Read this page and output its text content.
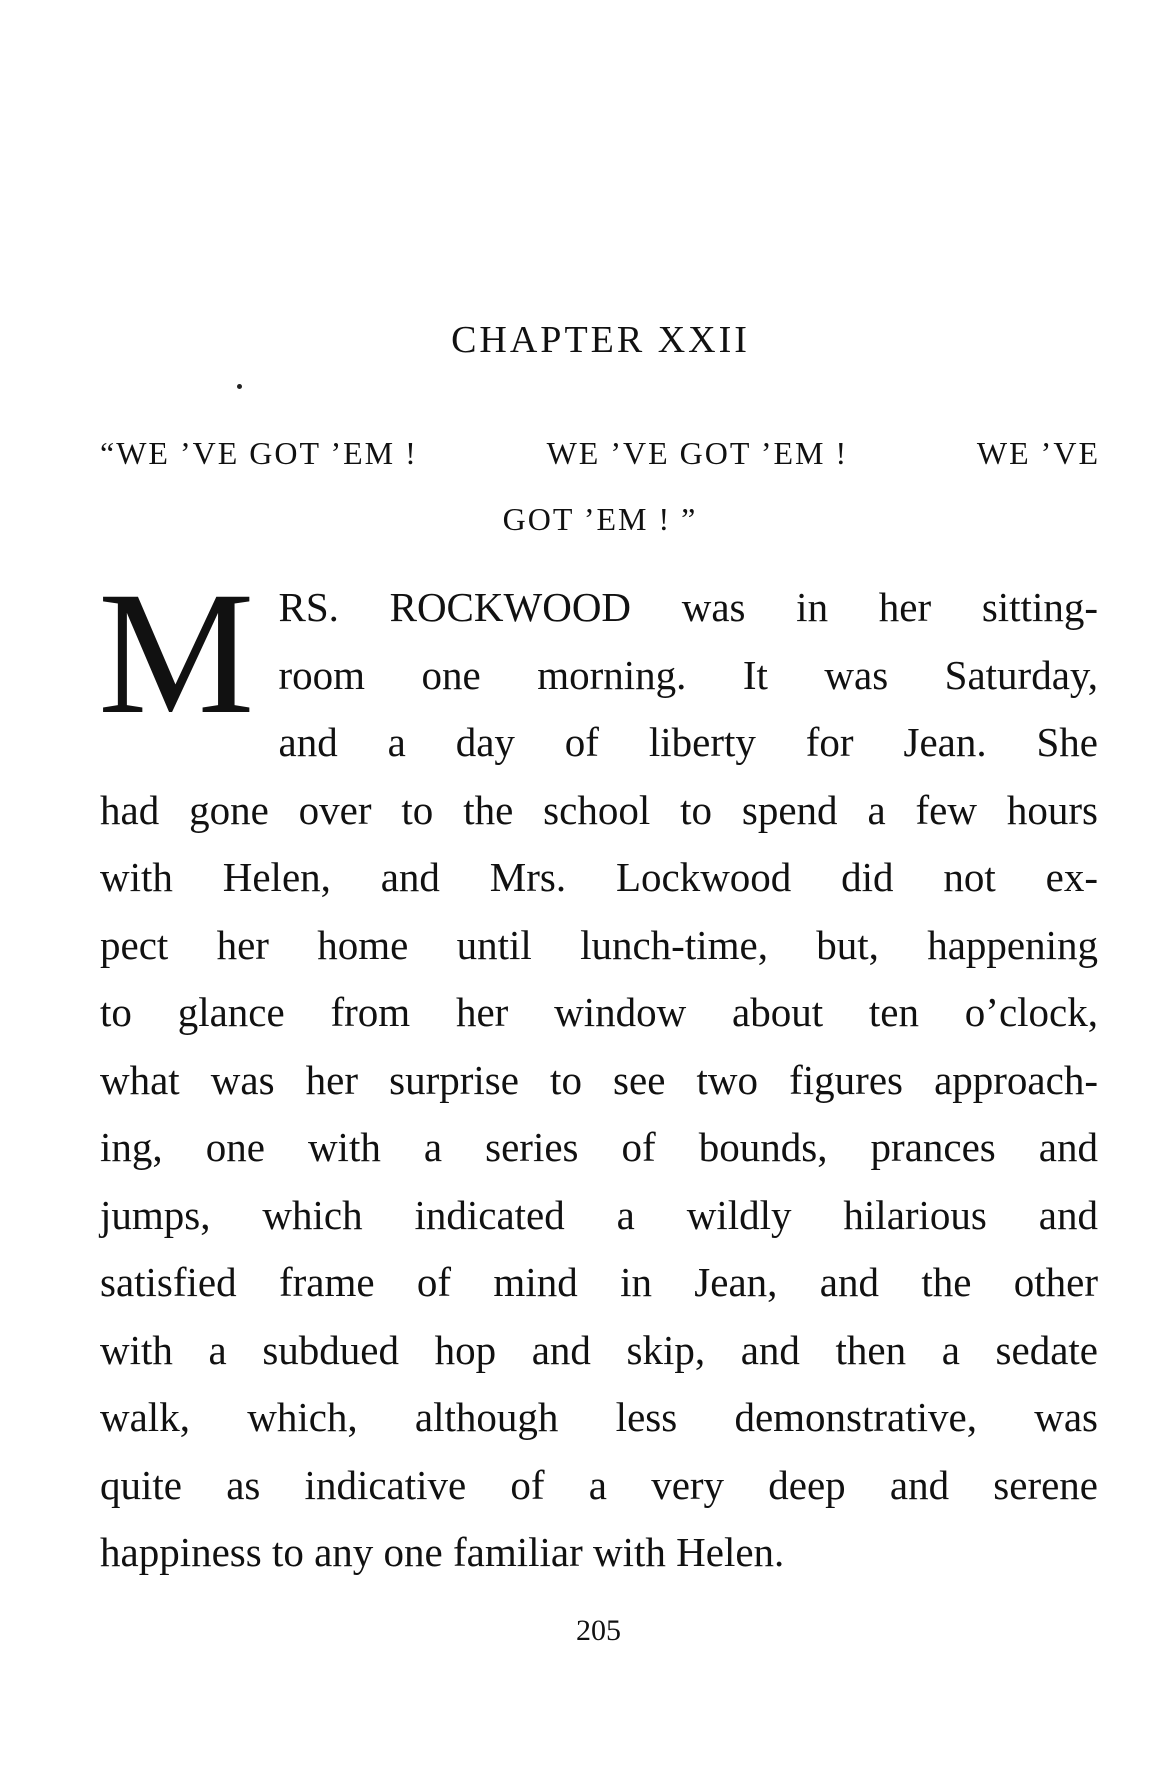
CHAPTER XXII
“WE ’VE GOT ’EM !	WE ’VE GOT ’EM !	WE ’VE
GOT ’EM ! ”
M RS. ROCKWOOD was in her sitting-
room one morning. It was Saturday,
and a day of liberty for Jean. She
had gone over to the school to spend a few hours
with Helen, and Mrs. Lockwood did not ex-
pect her home until lunch-time, but, happening
to glance from her window about ten o’clock,
what was her surprise to see two figures approach-
ing, one with a series of bounds, prances and
jumps, which indicated a wildly hilarious and
satisfied frame of mind in Jean, and the other
with a subdued hop and skip, and then a sedate
walk, which, although less demonstrative, was
quite as indicative of a very deep and serene
happiness to any one familiar with Helen.
205
